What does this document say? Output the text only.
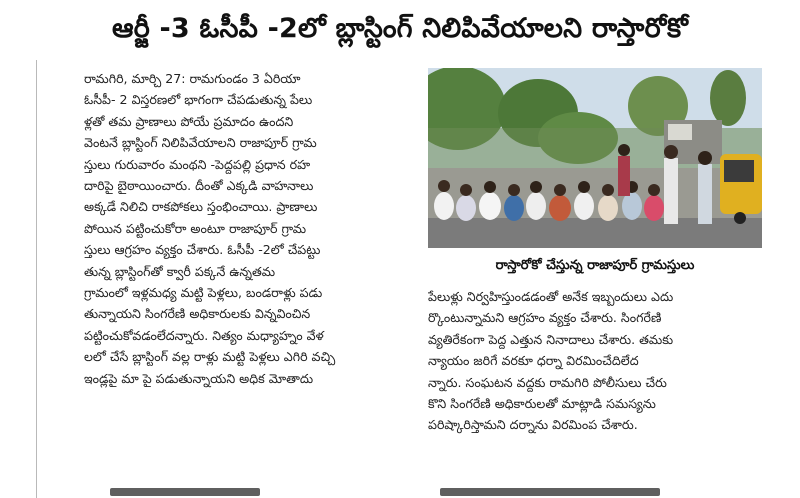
ఆర్జీ -3 ఓసీపీ -2లో బ్లాస్టింగ్ నిలిపివేయాలని రాస్తారోకో

రామగిరి, మార్చి 27: రామగుండం 3 ఏరియా

ఓసీపీ- 2 విస్తరణలో భాగంగా చేపడుతున్న పేలు

ళ్లతో తమ ప్రాణాలు పోయే ప్రమాదం ఉందని

వెంటనే బ్లాస్టింగ్ నిలిపివేయాలని రాజాపూర్ గ్రామ

స్తులు గురువారం మంథని -పెద్దపల్లి ప్రధాన రహ

దారిపై బైఠాయించారు. దీంతో ఎక్కడి వాహనాలు

అక్కడే నిలిచి రాకపోకలు స్తంభించాయి. ప్రాణాలు

పోయిన పట్టించుకోరా అంటూ రాజాపూర్ గ్రామ

స్తులు ఆగ్రహం వ్యక్తం చేశారు. ఓసీపీ -2లో చేపట్టు

తున్న బ్లాస్టింగ్‌తో క్వారీ పక్కనే ఉన్నతమ

గ్రామంలో ఇళ్లమధ్య మట్టి పెళ్లలు, బండరాళ్లు పడు

తున్నాయని సింగరేణి అధికారులకు విన్నవించిన

పట్టించుకోవడంలేదన్నారు. నిత్యం మధ్యాహ్నం వేళ

లలో చేసే బ్లాస్టింగ్ వల్ల రాళ్లు మట్టి పెళ్లలు ఎగిరి వచ్చి

ఇండ్లపై మా పై పడుతున్నాయని అధిక మోతాదు

రాస్తారోకో చేస్తున్న రాజాపూర్ గ్రామస్తులు

పేలుళ్లు నిర్వహిస్తుండడంతో అనేక ఇబ్బందులు ఎదు

ర్కొంటున్నామని ఆగ్రహం వ్యక్తం చేశారు. సింగరేణి

వ్యతిరేకంగా పెద్ద ఎత్తున నినాదాలు చేశారు. తమకు

న్యాయం జరిగే వరకూ ధర్నా విరమించేదిలేద

న్నారు. సంఘటన వద్దకు రామగిరి పోలీసులు చేరు

కొని సింగరేణి అధికారులతో మాట్లాడి సమస్యను

పరిష్కారిస్తామని దర్నాను విరమింప చేశారు.
